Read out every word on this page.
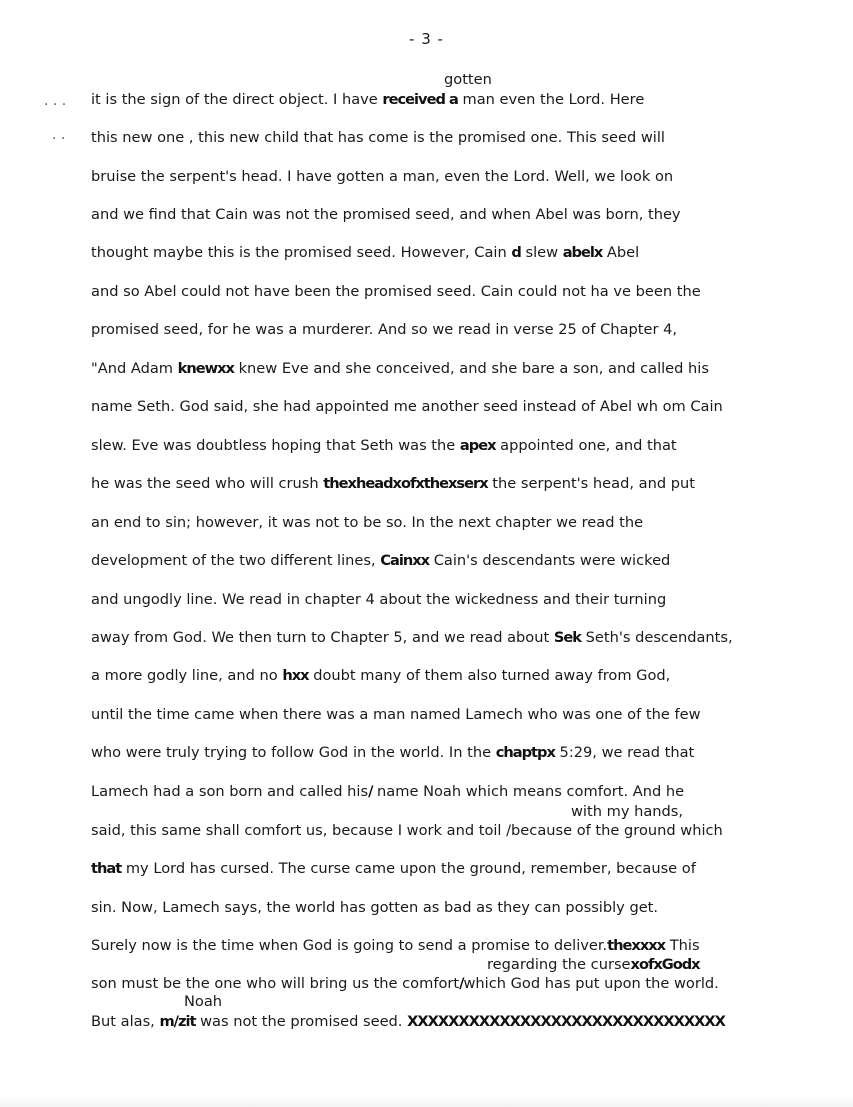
- 3 -
. . .
· ·
gotten
with my hands,
regarding the cursexofxGodx
Noah
it is the sign of the direct object. I have received a man even the Lord. Here
this new one , this new child that has come is the promised one. This seed will
bruise the serpent's head. I have gotten a man, even the Lord. Well, we look on
and we find that Cain was not the promised seed, and when Abel was born, they
thought maybe this is the promised seed. However, Cain d slew abelx Abel
and so Abel could not have been the promised seed. Cain could not ha ve been the
promised seed, for he was a murderer. And so we read in verse 25 of Chapter 4,
"And Adam knewxx knew Eve and she conceived, and she bare a son, and called his
name Seth. God said, she had appointed me another seed instead of Abel wh om Cain
slew. Eve was doubtless hoping that Seth was the apex appointed one, and that
he was the seed who will crush thexheadxofxthexserx the serpent's head, and put
an end to sin; however, it was not to be so. In the next chapter we read the
development of the two different lines, Cainxx Cain's descendants were wicked
and ungodly line. We read in chapter 4 about the wickedness and their turning
away from God. We then turn to Chapter 5, and we read about Sek Seth's descendants,
a more godly line, and no hxx doubt many of them also turned away from God,
until the time came when there was a man named Lamech who was one of the few
who were truly trying to follow God in the world. In the chaptpx 5:29, we read that
Lamech had a son born and called his/ name Noah which means comfort. And he
said, this same shall comfort us, because I work and toil /because of the ground which
that my Lord has cursed. The curse came upon the ground, remember, because of
sin. Now, Lamech says, the world has gotten as bad as they can possibly get.
Surely now is the time when God is going to send a promise to deliver.thexxxx This
son must be the one who will bring us the comfort/which God has put upon the world.
But alas, m/zit was not the promised seed. XXXXXXXXXXXXXXXXXXXXXXXXXXXXXXX
